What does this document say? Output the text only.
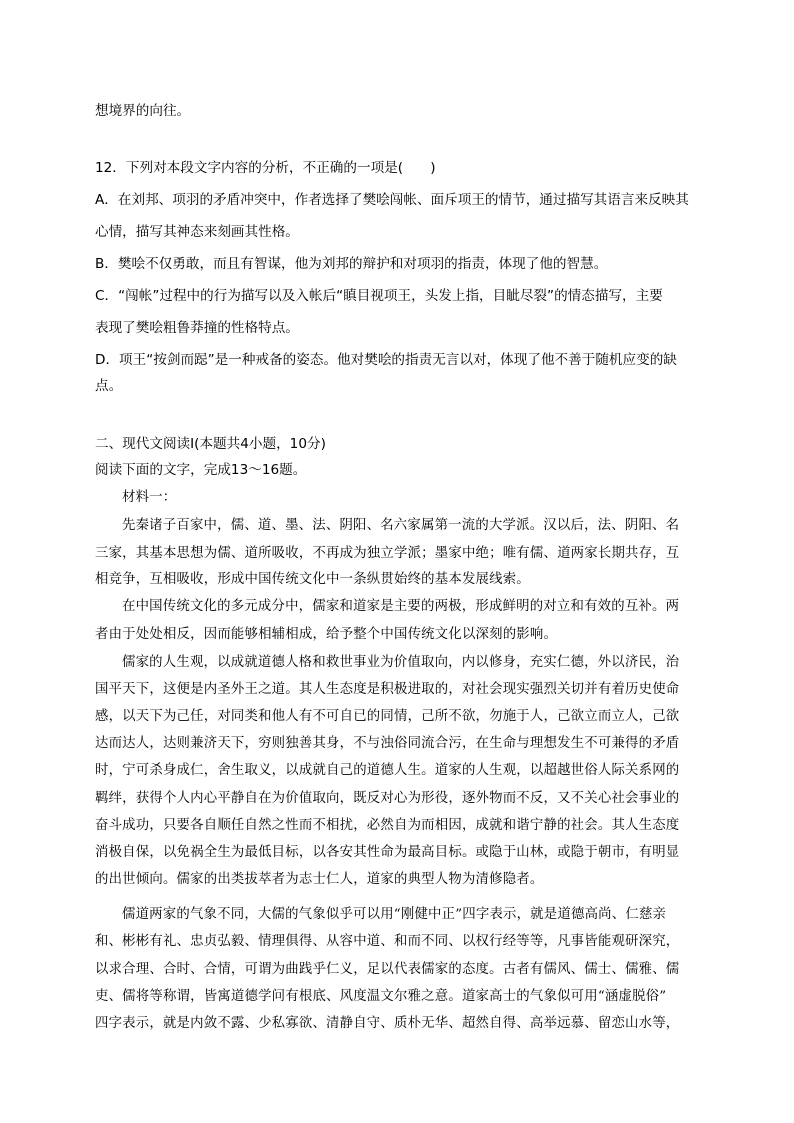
想境界的向往。
12．下列对本段文字内容的分析，不正确的一项是(　　)
A．在刘邦、项羽的矛盾冲突中，作者选择了樊哙闯帐、面斥项王的情节，通过描写其语言来反映其
心情，描写其神态来刻画其性格。
B．樊哙不仅勇敢，而且有智谋，他为刘邦的辩护和对项羽的指责，体现了他的智慧。
C．“闯帐”过程中的行为描写以及入帐后“瞋目视项王，头发上指，目眦尽裂”的情态描写，主要
表现了樊哙粗鲁莽撞的性格特点。
D．项王“按剑而跽”是一种戒备的姿态。他对樊哙的指责无言以对，体现了他不善于随机应变的缺
点。
二、现代文阅读Ⅰ(本题共4小题，10分)
阅读下面的文字，完成13～16题。
材料一：
先秦诸子百家中，儒、道、墨、法、阴阳、名六家属第一流的大学派。汉以后，法、阴阳、名
三家，其基本思想为儒、道所吸收，不再成为独立学派；墨家中绝；唯有儒、道两家长期共存，互
相竞争，互相吸收，形成中国传统文化中一条纵贯始终的基本发展线索。
在中国传统文化的多元成分中，儒家和道家是主要的两极，形成鲜明的对立和有效的互补。两
者由于处处相反，因而能够相辅相成，给予整个中国传统文化以深刻的影响。
儒家的人生观，以成就道德人格和救世事业为价值取向，内以修身，充实仁德，外以济民，治
国平天下，这便是内圣外王之道。其人生态度是积极进取的，对社会现实强烈关切并有着历史使命
感，以天下为己任，对同类和他人有不可自已的同情，己所不欲，勿施于人，己欲立而立人，己欲
达而达人，达则兼济天下，穷则独善其身，不与浊俗同流合污，在生命与理想发生不可兼得的矛盾
时，宁可杀身成仁，舍生取义，以成就自己的道德人生。道家的人生观，以超越世俗人际关系网的
羁绊，获得个人内心平静自在为价值取向，既反对心为形役，逐外物而不反，又不关心社会事业的
奋斗成功，只要各自顺任自然之性而不相扰，必然自为而相因，成就和谐宁静的社会。其人生态度
消极自保，以免祸全生为最低目标，以各安其性命为最高目标。或隐于山林，或隐于朝市，有明显
的出世倾向。儒家的出类拔萃者为志士仁人，道家的典型人物为清修隐者。
儒道两家的气象不同，大儒的气象似乎可以用“刚健中正”四字表示，就是道德高尚、仁慈亲
和、彬彬有礼、忠贞弘毅、情理俱得、从容中道、和而不同、以权行经等等，凡事皆能观研深究，
以求合理、合时、合情，可谓为曲践乎仁义，足以代表儒家的态度。古者有儒风、儒士、儒雅、儒
吏、儒将等称谓，皆寓道德学问有根底、风度温文尔雅之意。道家高士的气象似可用“涵虚脱俗”
四字表示，就是内敛不露、少私寡欲、清静自守、质朴无华、超然自得、高举远慕、留恋山水等，
